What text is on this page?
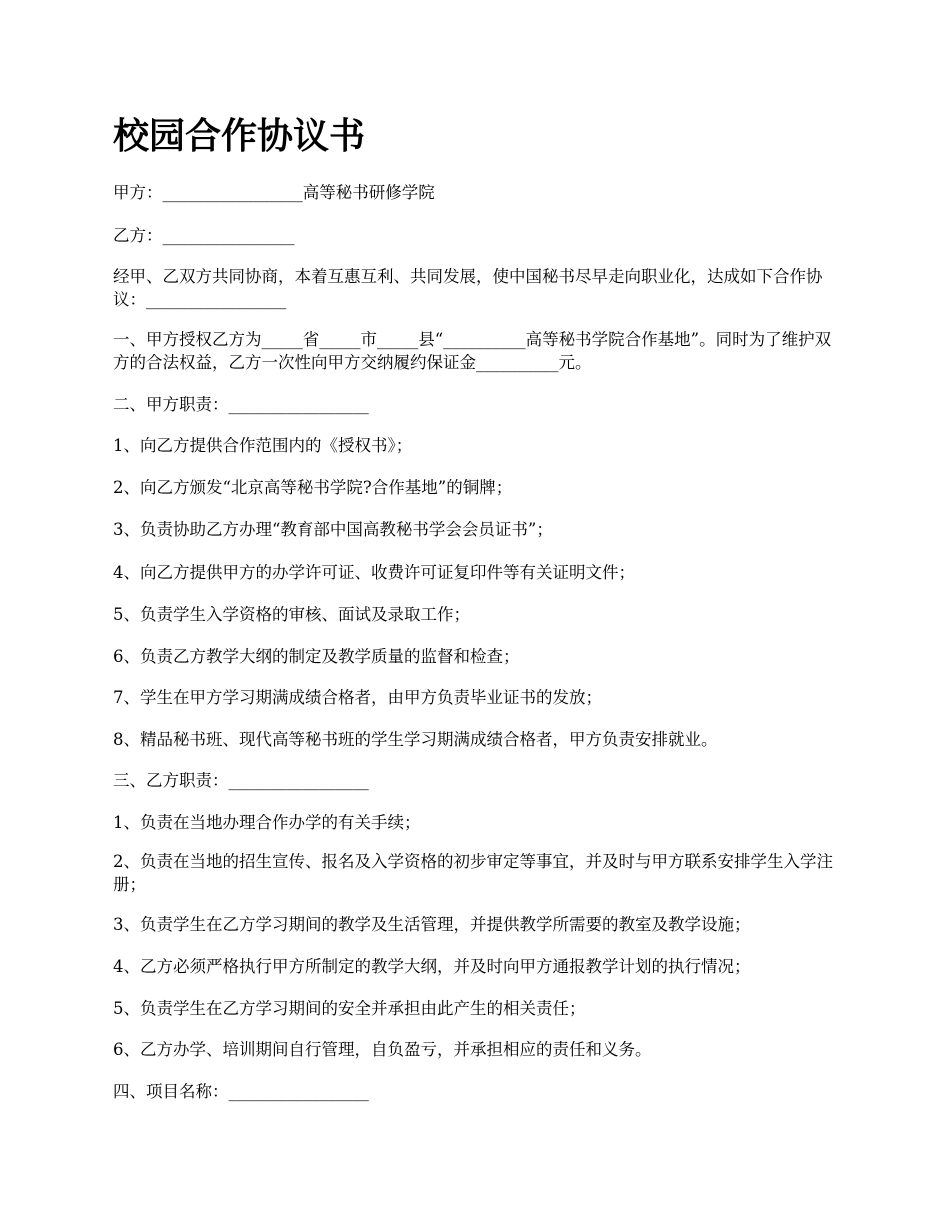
校园合作协议书

甲方：_________________高等秘书研修学院

乙方：________________

经甲、乙双方共同协商，本着互惠互利、共同发展，使中国秘书尽早走向职业化，达成如下合作协议：_________________

一、甲方授权乙方为_____省_____市_____县“__________高等秘书学院合作基地”。同时为了维护双方的合法权益，乙方一次性向甲方交纳履约保证金__________元。

二、甲方职责：_________________

1、向乙方提供合作范围内的《授权书》；

2、向乙方颁发“北京高等秘书学院?合作基地”的铜牌；

3、负责协助乙方办理“教育部中国高教秘书学会会员证书”；

4、向乙方提供甲方的办学许可证、收费许可证复印件等有关证明文件；

5、负责学生入学资格的审核、面试及录取工作；

6、负责乙方教学大纲的制定及教学质量的监督和检查；

7、学生在甲方学习期满成绩合格者，由甲方负责毕业证书的发放；

8、精品秘书班、现代高等秘书班的学生学习期满成绩合格者，甲方负责安排就业。

三、乙方职责：_________________

1、负责在当地办理合作办学的有关手续；

2、负责在当地的招生宣传、报名及入学资格的初步审定等事宜，并及时与甲方联系安排学生入学注册；

3、负责学生在乙方学习期间的教学及生活管理，并提供教学所需要的教室及教学设施；

4、乙方必须严格执行甲方所制定的教学大纲，并及时向甲方通报教学计划的执行情况；

5、负责学生在乙方学习期间的安全并承担由此产生的相关责任；

6、乙方办学、培训期间自行管理，自负盈亏，并承担相应的责任和义务。

四、项目名称：_________________
